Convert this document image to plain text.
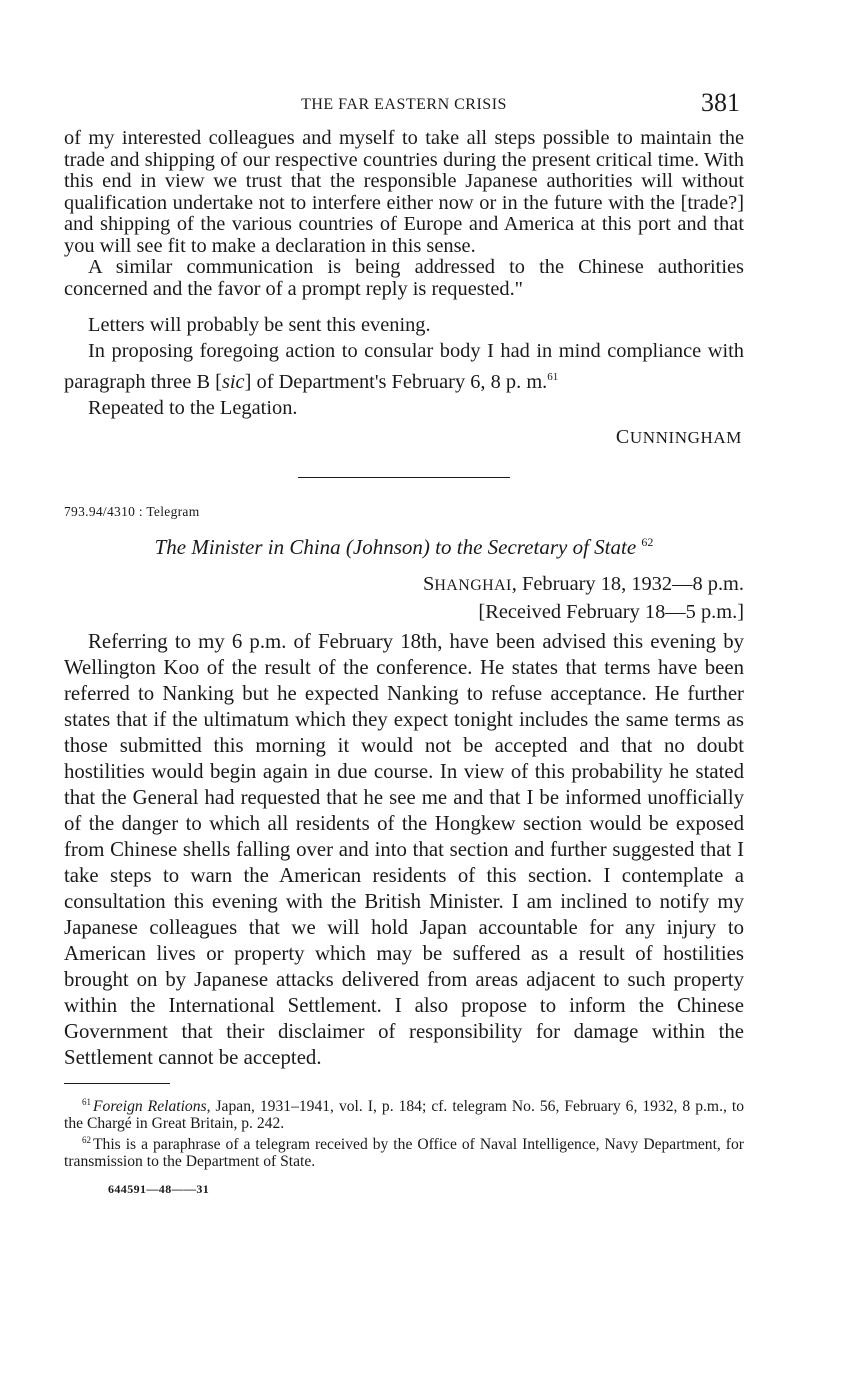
THE FAR EASTERN CRISIS	381

of my interested colleagues and myself to take all steps possible to maintain the trade and shipping of our respective countries during the present critical time. With this end in view we trust that the responsible Japanese authorities will without qualification undertake not to interfere either now or in the future with the [trade?] and shipping of the various countries of Europe and America at this port and that you will see fit to make a declaration in this sense.

A similar communication is being addressed to the Chinese authorities concerned and the favor of a prompt reply is requested."

Letters will probably be sent this evening.

In proposing foregoing action to consular body I had in mind compliance with paragraph three B [sic] of Department's February 6, 8 p. m.$^{61}$

Repeated to the Legation.

CUNNINGHAM
793.94/4310 : Telegram
The Minister in China (Johnson) to the Secretary of State $^{62}$
SHANGHAI, February 18, 1932—8 p.m.
[Received February 18—5 p.m.]

Referring to my 6 p.m. of February 18th, have been advised this evening by Wellington Koo of the result of the conference. He states that terms have been referred to Nanking but he expected Nanking to refuse acceptance. He further states that if the ultimatum which they expect tonight includes the same terms as those submitted this morning it would not be accepted and that no doubt hostilities would begin again in due course. In view of this probability he stated that the General had requested that he see me and that I be informed unofficially of the danger to which all residents of the Hongkew section would be exposed from Chinese shells falling over and into that section and further suggested that I take steps to warn the American residents of this section. I contemplate a consultation this evening with the British Minister. I am inclined to notify my Japanese colleagues that we will hold Japan accountable for any injury to American lives or property which may be suffered as a result of hostilities brought on by Japanese attacks delivered from areas adjacent to such property within the International Settlement. I also propose to inform the Chinese Government that their disclaimer of responsibility for damage within the Settlement cannot be accepted.

$^{61}$ Foreign Relations, Japan, 1931–1941, vol. I, p. 184; cf. telegram No. 56, February 6, 1932, 8 p.m., to the Chargé in Great Britain, p. 242.

$^{62}$ This is a paraphrase of a telegram received by the Office of Naval Intelligence, Navy Department, for transmission to the Department of State.

644591—48——31
